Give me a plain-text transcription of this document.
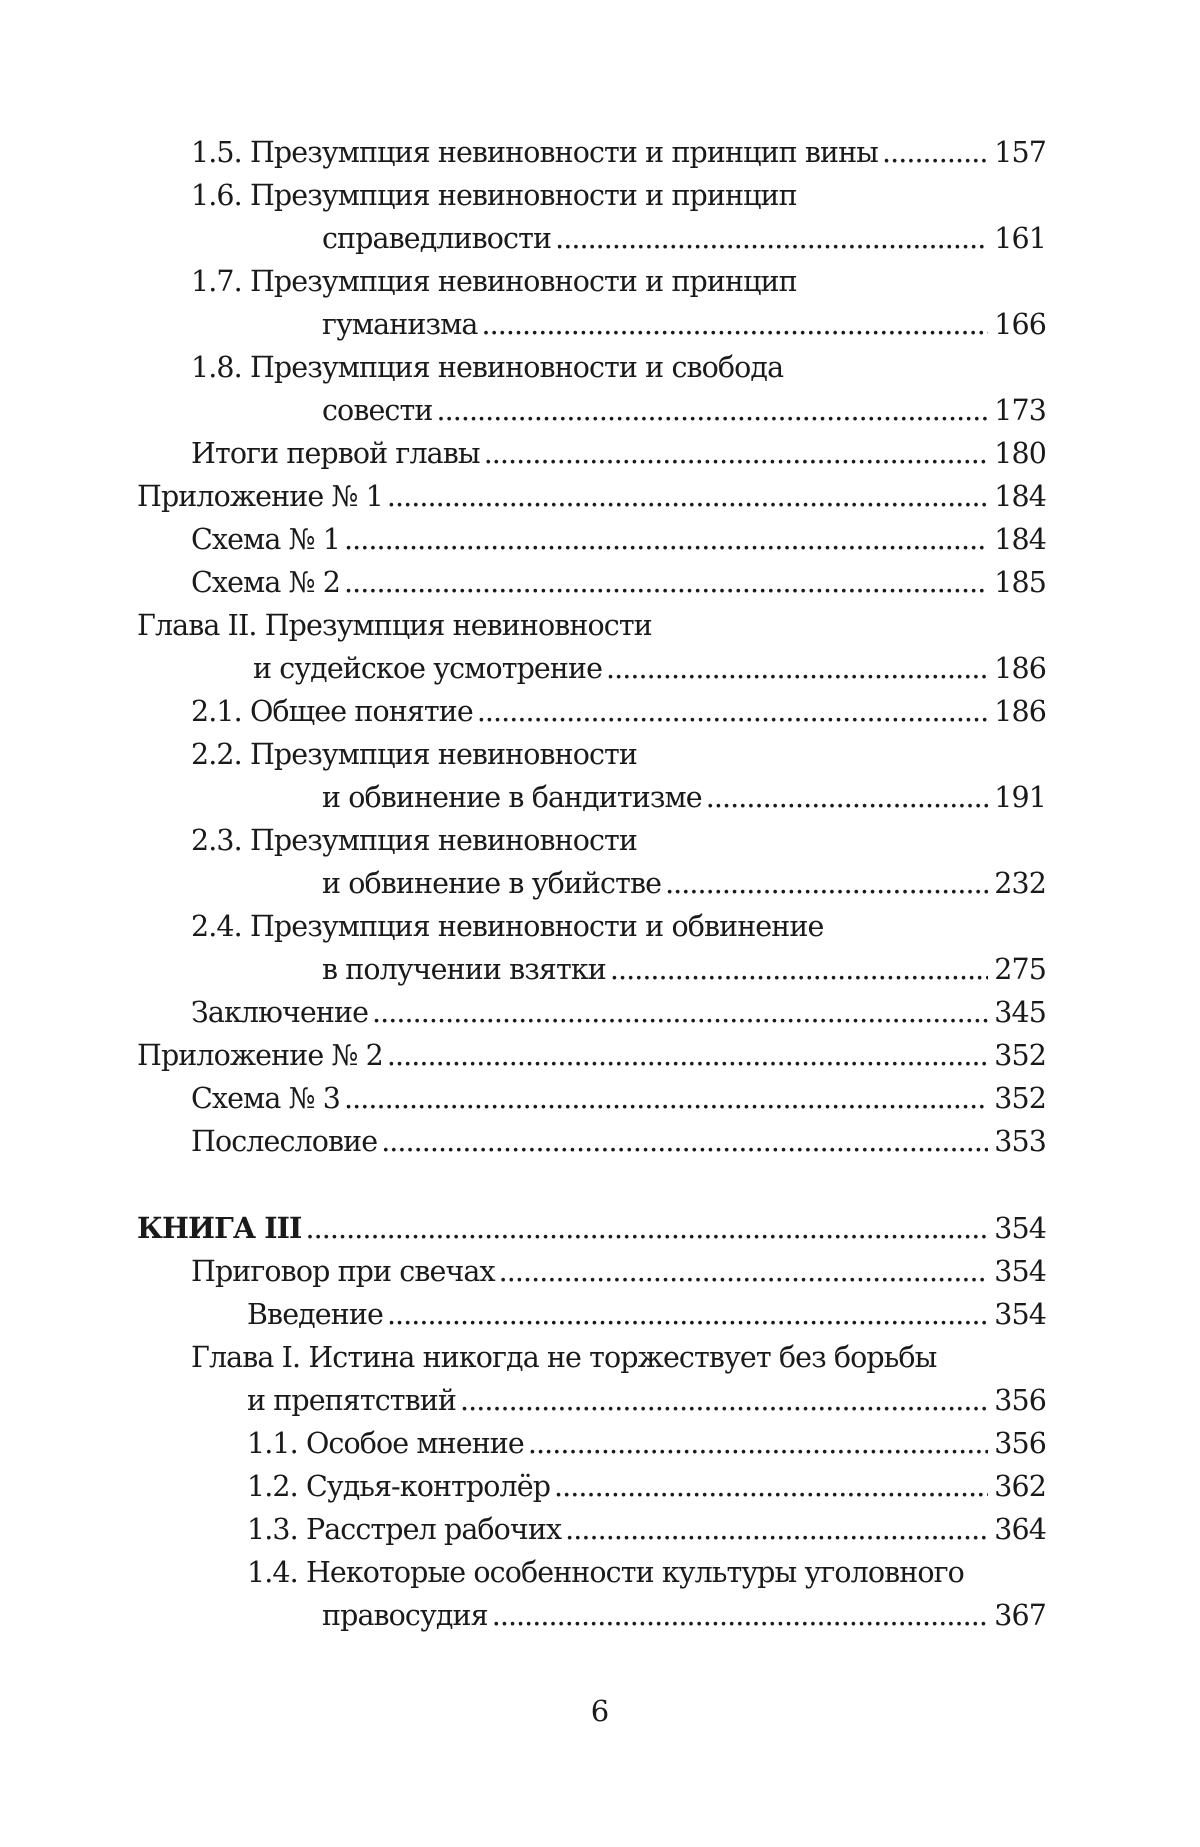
1.5. Презумпция невиновности и принцип вины . . .	157
1.6. Презумпция невиновности и принцип
справедливости . . .	161
1.7. Презумпция невиновности и принцип
гуманизма . . .	166
1.8. Презумпция невиновности и свобода
совести . . .	173
Итоги первой главы . . .	180
Приложение № 1 . . .	184
Схема № 1 . . .	184
Схема № 2 . . .	185
Глава II. Презумпция невиновности
и судейское усмотрение . . .	186
2.1. Общее понятие . . .	186
2.2. Презумпция невиновности
и обвинение в бандитизме . . .	191
2.3. Презумпция невиновности
и обвинение в убийстве . . .	232
2.4. Презумпция невиновности и обвинение
в получении взятки . . .	275
Заключение . . .	345
Приложение № 2 . . .	352
Схема № 3 . . .	352
Послесловие . . .	353
КНИГА III . . .	354
Приговор при свечах . . .	354
Введение . . .	354
Глава I. Истина никогда не торжествует без борьбы
и препятствий . . .	356
1.1. Особое мнение . . .	356
1.2. Судья-контролёр . . .	362
1.3. Расстрел рабочих . . .	364
1.4. Некоторые особенности культуры уголовного
правосудия . . .	367
6
